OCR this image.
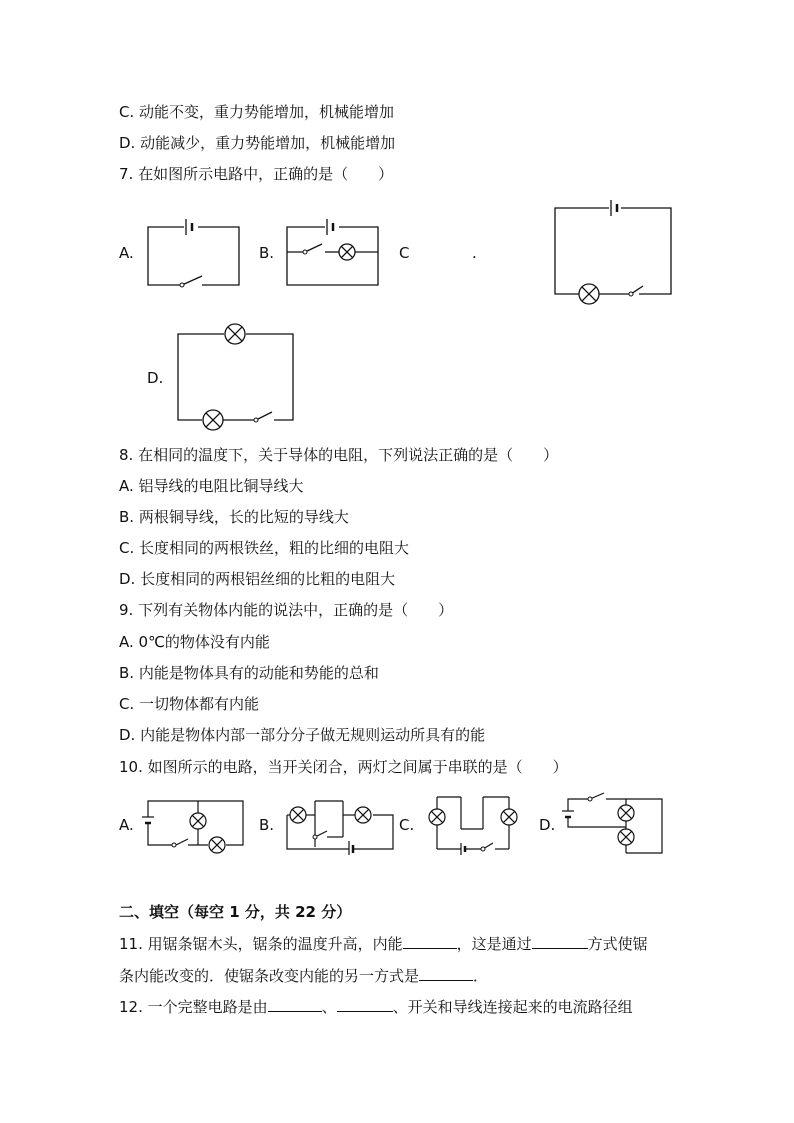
C. 动能不变，重力势能增加，机械能增加
D. 动能减少，重力势能增加，机械能增加
7. 在如图所示电路中，正确的是（　　）
A.	B.	C	.
D.
8. 在相同的温度下，关于导体的电阻，下列说法正确的是（　　）
A. 铝导线的电阻比铜导线大
B. 两根铜导线，长的比短的导线大
C. 长度相同的两根铁丝，粗的比细的电阻大
D. 长度相同的两根铝丝细的比粗的电阻大
9. 下列有关物体内能的说法中，正确的是（　　）
A. 0℃的物体没有内能
B. 内能是物体具有的动能和势能的总和
C. 一切物体都有内能
D. 内能是物体内部一部分分子做无规则运动所具有的能
10. 如图所示的电路，当开关闭合，两灯之间属于串联的是（　　）
A.	B.	C.	D.
二、填空（每空 1 分，共 22 分）
11. 用锯条锯木头，锯条的温度升高，内能	，这是通过	方式使锯
条内能改变的．使锯条改变内能的另一方式是	．
12. 一个完整电路是由	、	、开关和导线连接起来的电流路径组
